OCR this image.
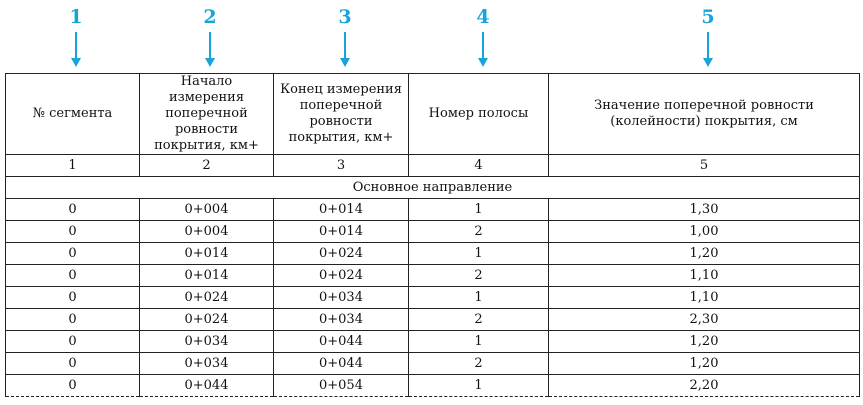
1	2	3	4	5
№ сегмента	Начало измерения поперечной ровности покрытия, км+	Конец измерения поперечной ровности покрытия, км+	Номер полосы	Значение поперечной ровности (колейности) покрытия, см
1	2	3	4	5
Основное направление				
0	0+004	0+014	1	1,30
0	0+004	0+014	2	1,00
0	0+014	0+024	1	1,20
0	0+014	0+024	2	1,10
0	0+024	0+034	1	1,10
0	0+024	0+034	2	2,30
0	0+034	0+044	1	1,20
0	0+034	0+044	2	1,20
0	0+044	0+054	1	2,20
